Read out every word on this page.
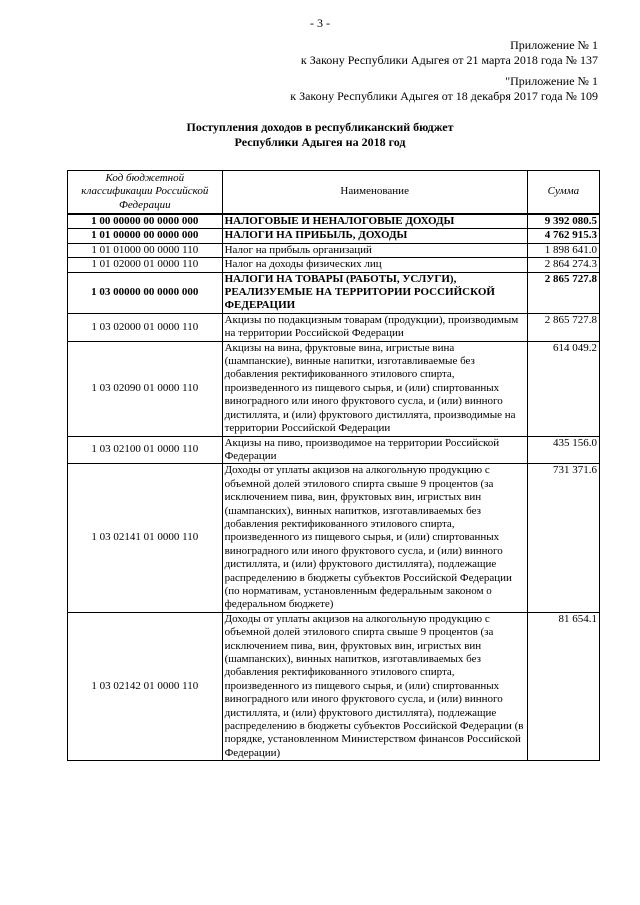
- 3 -
Приложение № 1
к Закону Республики Адыгея от 21 марта 2018 года № 137
"Приложение № 1
к Закону Республики Адыгея от 18 декабря 2017 года № 109
Поступления доходов в республиканский бюджет
Республики Адыгея на 2018 год
Код бюджетной классификации Российской Федерации	Наименование	Сумма
1 00 00000 00 0000 000	НАЛОГОВЫЕ И НЕНАЛОГОВЫЕ ДОХОДЫ	9 392 080.5
1 01 00000 00 0000 000	НАЛОГИ НА ПРИБЫЛЬ, ДОХОДЫ	4 762 915.3
1 01 01000 00 0000 110	Налог на прибыль организаций	1 898 641.0
1 01 02000 01 0000 110	Налог на доходы физических лиц	2 864 274.3
1 03 00000 00 0000 000	НАЛОГИ НА ТОВАРЫ (РАБОТЫ, УСЛУГИ), РЕАЛИЗУЕМЫЕ НА ТЕРРИТОРИИ РОССИЙСКОЙ ФЕДЕРАЦИИ	2 865 727.8
1 03 02000 01 0000 110	Акцизы по подакцизным товарам (продукции), производимым на территории Российской Федерации	2 865 727.8
1 03 02090 01 0000 110	Акцизы на вина, фруктовые вина, игристые вина (шампанские), винные напитки, изготавливаемые без добавления ректификованного этилового спирта, произведенного из пищевого сырья, и (или) спиртованных виноградного или иного фруктового сусла, и (или) винного дистиллята, и (или) фруктового дистиллята, производимые на территории Российской Федерации	614 049.2
1 03 02100 01 0000 110	Акцизы на пиво, производимое на территории Российской Федерации	435 156.0
1 03 02141 01 0000 110	Доходы от уплаты акцизов на алкогольную продукцию с объемной долей этилового спирта свыше 9 процентов (за исключением пива, вин, фруктовых вин, игристых вин (шампанских), винных напитков, изготавливаемых без добавления ректификованного этилового спирта, произведенного из пищевого сырья, и (или) спиртованных виноградного или иного фруктового сусла, и (или) винного дистиллята, и (или) фруктового дистиллята), подлежащие распределению в бюджеты субъектов Российской Федерации (по нормативам, установленным федеральным законом о федеральном бюджете)	731 371.6
1 03 02142 01 0000 110	Доходы от уплаты акцизов на алкогольную продукцию с объемной долей этилового спирта свыше 9 процентов (за исключением пива, вин, фруктовых вин, игристых вин (шампанских), винных напитков, изготавливаемых без добавления ректификованного этилового спирта, произведенного из пищевого сырья, и (или) спиртованных виноградного или иного фруктового сусла, и (или) винного дистиллята, и (или) фруктового дистиллята), подлежащие распределению в бюджеты субъектов Российской Федерации (в порядке, установленном Министерством финансов Российской Федерации)	81 654.1
